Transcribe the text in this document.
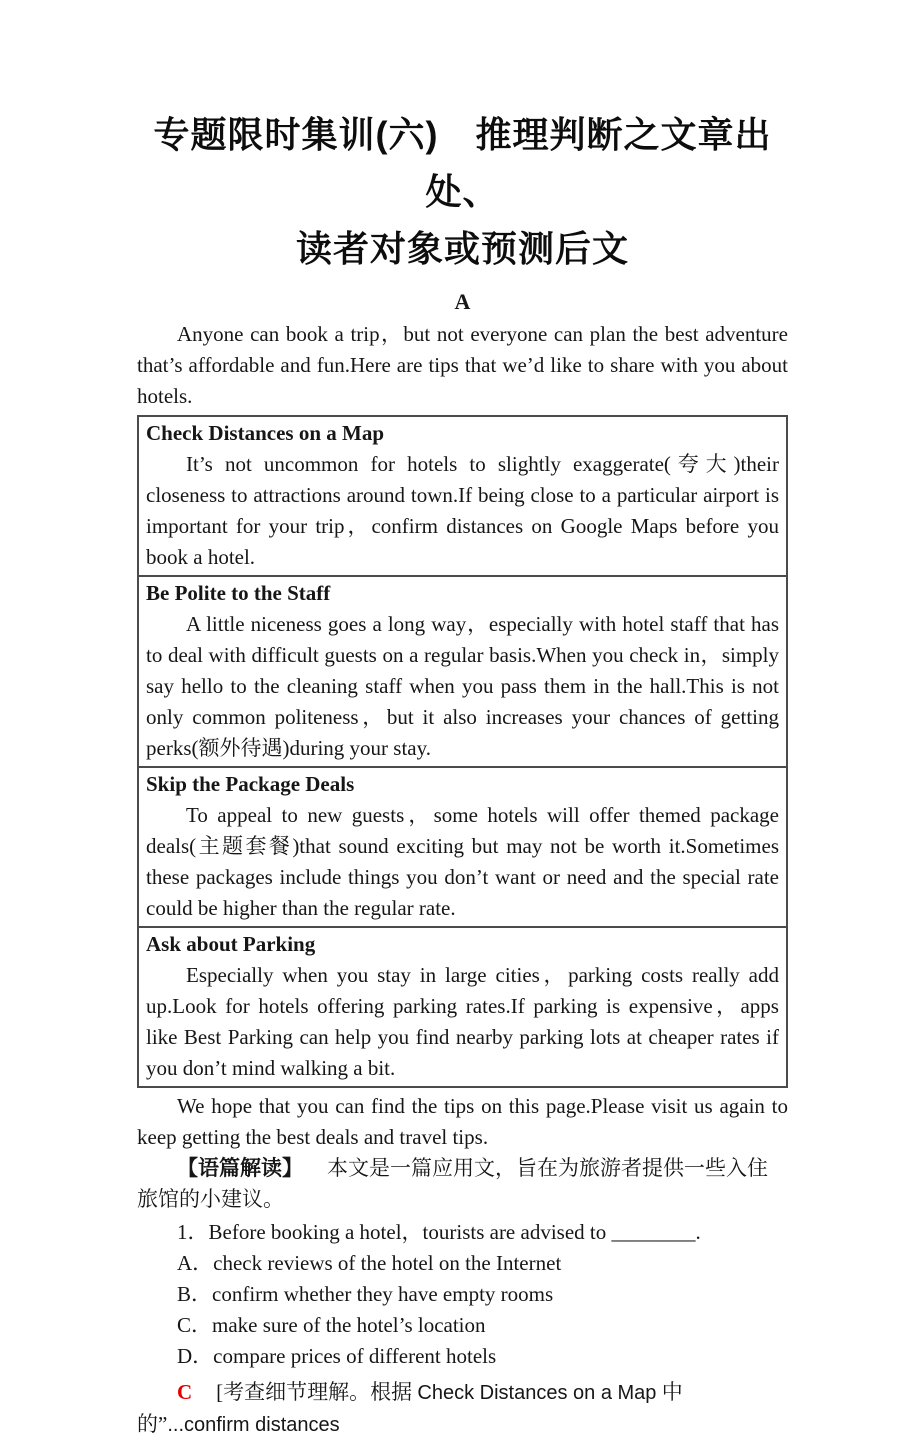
专题限时集训(六)　推理判断之文章出处、
读者对象或预测后文
A

Anyone can book a trip，but not everyone can plan the best adventure that’s affordable and fun.Here are tips that we’d like to share with you about hotels.

Check Distances on a Map

It’s not uncommon for hotels to slightly exaggerate(夸大)their closeness to attractions around town.If being close to a particular airport is important for your trip，confirm distances on Google Maps before you book a hotel.

Be Polite to the Staff

A little niceness goes a long way，especially with hotel staff that has to deal with difficult guests on a regular basis.When you check in，simply say hello to the cleaning staff when you pass them in the hall.This is not only common politeness，but it also increases your chances of getting perks(额外待遇)during your stay.

Skip the Package Deals

To appeal to new guests，some hotels will offer themed package deals(主题套餐)that sound exciting but may not be worth it.Sometimes these packages include things you don’t want or need and the special rate could be higher than the regular rate.

Ask about Parking

Especially when you stay in large cities，parking costs really add up.Look for hotels offering parking rates.If parking is expensive，apps like Best Parking can help you find nearby parking lots at cheaper rates if you don’t mind walking a bit.

We hope that you can find the tips on this page.Please visit us again to keep getting the best deals and travel tips.

【语篇解读】 本文是一篇应用文，旨在为旅游者提供一些入住旅馆的小建议。

1．Before booking a hotel，tourists are advised to ________.

A．check reviews of the hotel on the Internet

B．confirm whether they have empty rooms

C．make sure of the hotel’s location

D．compare prices of different hotels

C [考查细节理解。根据 Check Distances on a Map 中的”...confirm distances
